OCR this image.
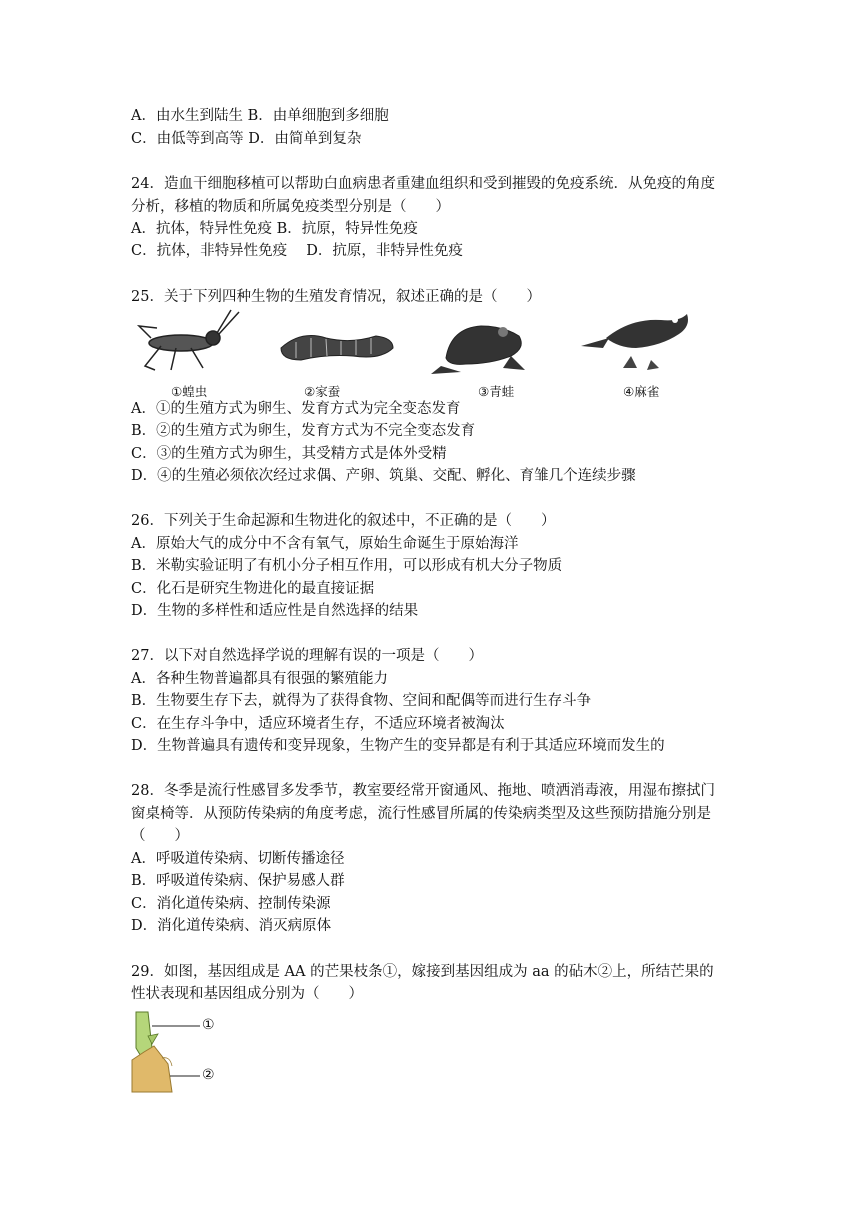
A．由水生到陆生 B．由单细胞到多细胞
C．由低等到高等 D．由简单到复杂
24．造血干细胞移植可以帮助白血病患者重建血组织和受到摧毁的免疫系统．从免疫的角度
分析，移植的物质和所属免疫类型分别是（　　）
A．抗体，特异性免疫 B．抗原，特异性免疫
C．抗体，非特异性免疫　 D．抗原，非特异性免疫
25．关于下列四种生物的生殖发育情况，叙述正确的是（　　）
①蝗虫	②家蚕	③青蛙	④麻雀
A．①的生殖方式为卵生、发育方式为完全变态发育
B．②的生殖方式为卵生，发育方式为不完全变态发育
C．③的生殖方式为卵生，其受精方式是体外受精
D．④的生殖必须依次经过求偶、产卵、筑巢、交配、孵化、育雏几个连续步骤
26．下列关于生命起源和生物进化的叙述中，不正确的是（　　）
A．原始大气的成分中不含有氧气，原始生命诞生于原始海洋
B．米勒实验证明了有机小分子相互作用，可以形成有机大分子物质
C．化石是研究生物进化的最直接证据
D．生物的多样性和适应性是自然选择的结果
27．以下对自然选择学说的理解有误的一项是（　　）
A．各种生物普遍都具有很强的繁殖能力
B．生物要生存下去，就得为了获得食物、空间和配偶等而进行生存斗争
C．在生存斗争中，适应环境者生存，不适应环境者被淘汰
D．生物普遍具有遗传和变异现象，生物产生的变异都是有利于其适应环境而发生的
28．冬季是流行性感冒多发季节，教室要经常开窗通风、拖地、喷洒消毒液，用湿布擦拭门
窗桌椅等．从预防传染病的角度考虑，流行性感冒所属的传染病类型及这些预防措施分别是
（　　）
A．呼吸道传染病、切断传播途径
B．呼吸道传染病、保护易感人群
C．消化道传染病、控制传染源
D．消化道传染病、消灭病原体
29．如图，基因组成是 AA 的芒果枝条①，嫁接到基因组成为 aa 的砧木②上，所结芒果的
性状表现和基因组成分别为（　　）
①
②
